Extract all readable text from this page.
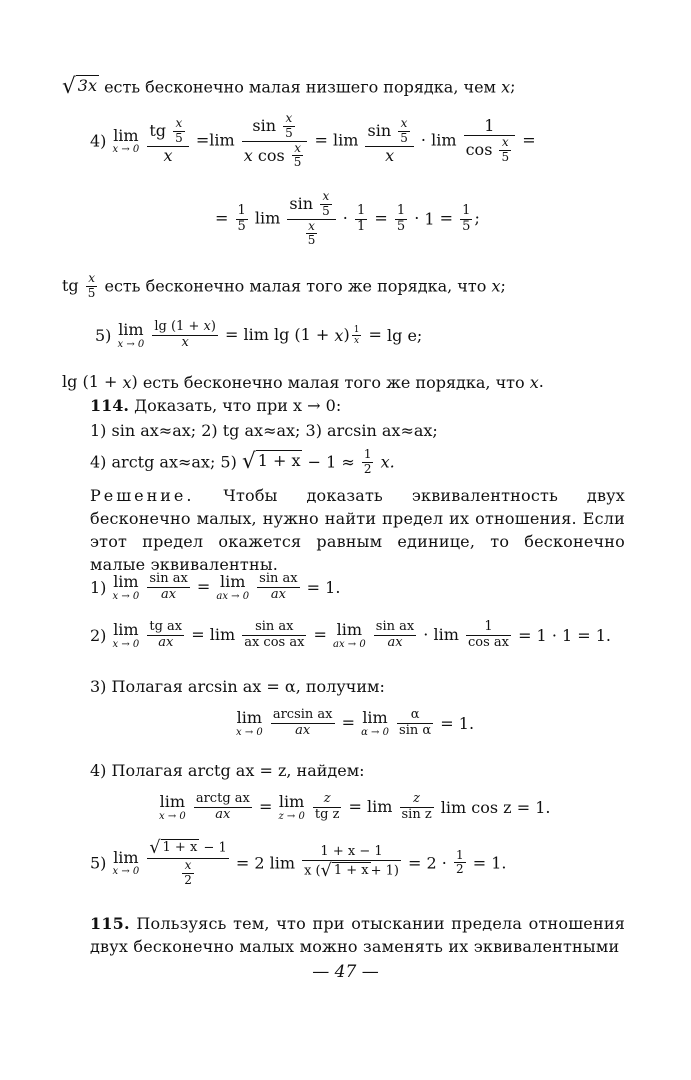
√ 3x есть бесконечно малая низшего порядка, чем x;
4) lim
x → 0
$\frac{tg \frac{x}{5}}{x} =\lim \frac{\sin \frac{x}{5}}{x \cos \frac{x}{5}} = \lim \frac{\sin \frac{x}{5}}{x} \cdot \lim \frac{1}{\cos \frac{x}{5}}$ =
= $\frac{1}{5}$ $\lim \frac{\sin \frac{x}{5}}{\frac{x}{5}} \cdot \frac{1}{1} = \frac{1}{5} \cdot 1 = \frac{1}{5}$ ;
tg $\frac{x}{5}$ есть бесконечно малая того же порядка, что x;
5) lim
x → 0
$\frac{\lg (1 + x)}{x} = \lim \lg (1 + x) \frac{1}{x} = \lg e$;
lg (1 + x) есть бесконечно малая того же порядка, что x.
114. Доказать, что при x → 0:
1) sin ax≈ax; 2) tg ax≈ax; 3) arcsin ax≈ax;
4) arctg ax≈ax; 5) √ $1 + x - 1 \approx \frac{1}{2} x$.
Решение. Чтобы доказать эквивалентность двух бесконечно малых, нужно найти предел их отношения. Если этот предел окажется равным единице, то бесконечно малые эквивалентны.
1) lim
x → 0
$\frac{\text{sin ax}}{ax} = \lim$
ax → 0
$\frac{\text{sin ax}}{ax} = 1$.
2) lim
x → 0
$\frac{\text{tg ax}}{ax} = \lim \frac{\text{sin ax}}{\text{ax cos ax}} = \lim$
ax → 0
$\frac{\text{sin ax}}{ax} \cdot \lim \frac{1}{\text{cos ax}} = 1 \cdot 1 = 1$.
3) Полагая arcsin ax = α, получим:
lim
x → 0
$\frac{\text{arcsin ax}}{ax} = \lim$
α → 0
$\frac{\alpha}{\text{sin α}} = 1$.
4) Полагая arctg ax = z, найдем:
lim
x → 0

arctg ax
ax	= lim
z → 0
$\frac{z}{\text{tg z}} = \lim \frac{z}{\text{sin z}}$ lim cos z = 1.
5) lim
x → 0
$\frac{√ 1 + x - 1}{\frac{x}{2}} = 2$ $\lim \frac{1 + x - 1}{x (√ 1 + x + 1)} = 2 \cdot \frac{1}{2} = 1$.
115. Пользуясь тем, что при отыскании предела отношения двух бесконечно малых можно заменять их эквивалентными
— 47 —
